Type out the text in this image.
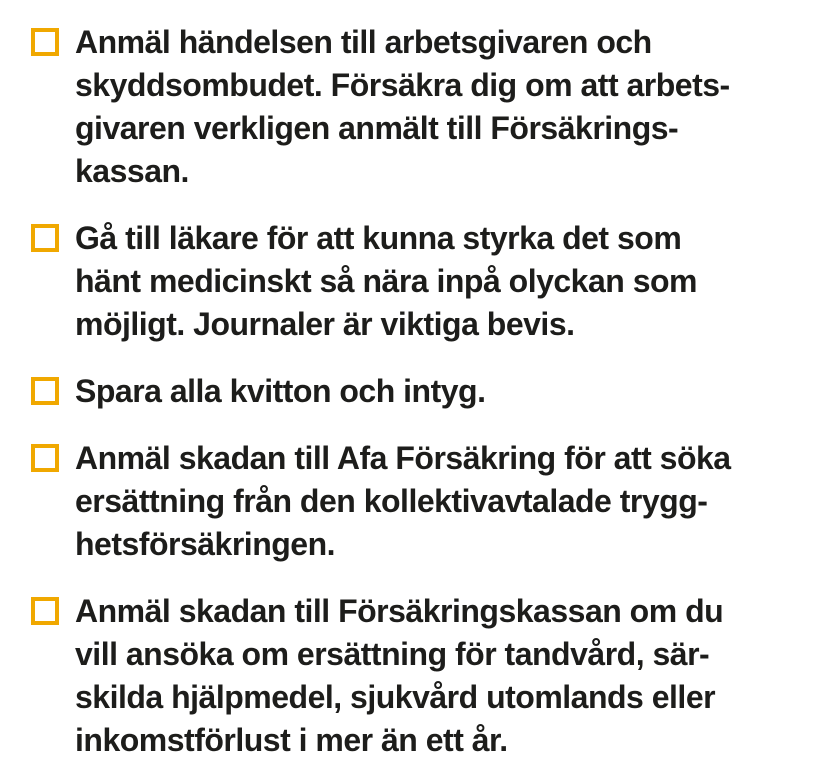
Anmäl händelsen till arbetsgivaren och
skyddsombudet. Försäkra dig om att arbets-
givaren verkligen anmält till Försäkrings-
kassan.
Gå till läkare för att kunna styrka det som
hänt medicinskt så nära inpå olyckan som
möjligt. Journaler är viktiga bevis.
Spara alla kvitton och intyg.
Anmäl skadan till Afa Försäkring för att söka
ersättning från den kollektivavtalade trygg-
hetsförsäkringen.
Anmäl skadan till Försäkringskassan om du
vill ansöka om ersättning för tandvård, sär-
skilda hjälpmedel, sjukvård utomlands eller
inkomstförlust i mer än ett år.
